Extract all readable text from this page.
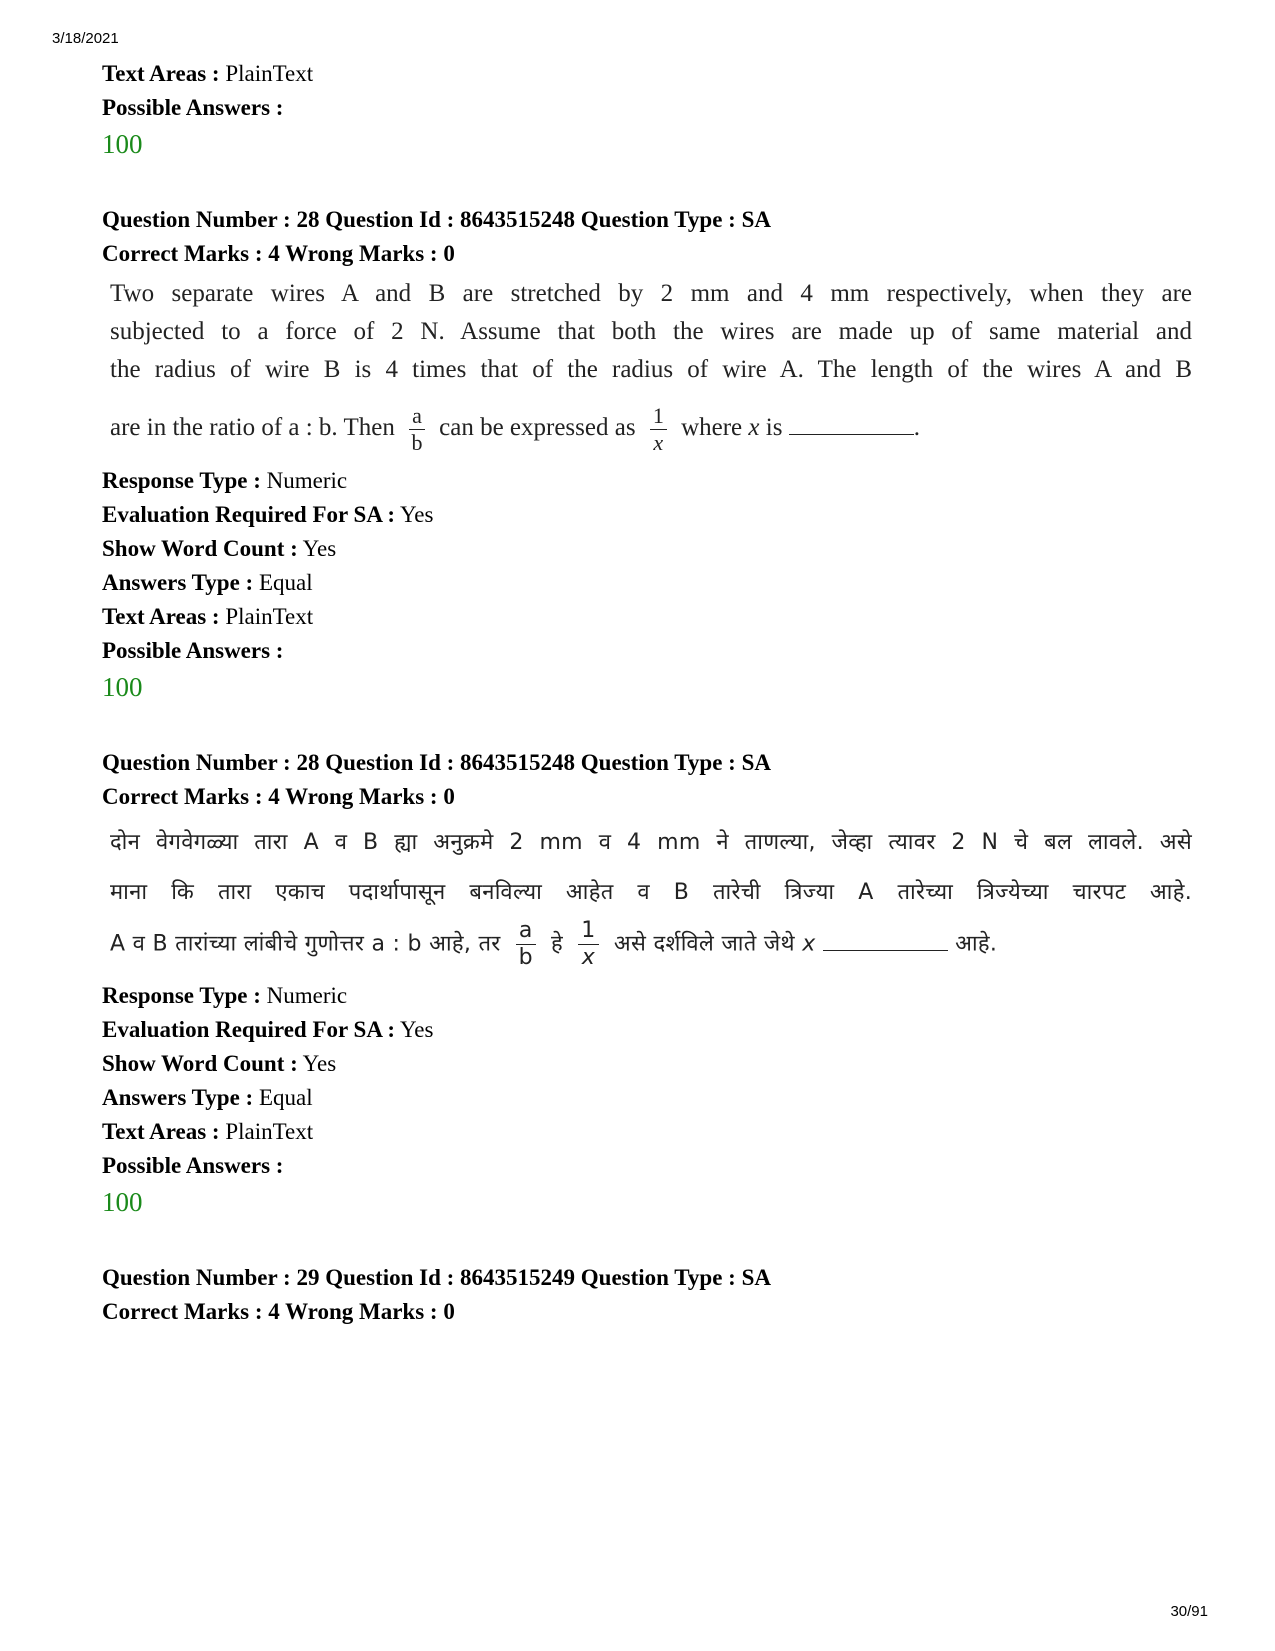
3/18/2021
Text Areas : PlainText
Possible Answers :
100
Question Number : 28 Question Id : 8643515248 Question Type : SA
Correct Marks : 4 Wrong Marks : 0

Two separate wires A and B are stretched by 2 mm and 4 mm respectively, when they are

subjected to a force of 2 N. Assume that both the wires are made up of same material and

the radius of wire B is 4 times that of the radius of wire A. The length of the wires A and B

are in the ratio of a : b. Then $\frac{a}{b}$ can be expressed as $\frac{1}{x}$ where x is	.

Response Type : Numeric
Evaluation Required For SA : Yes
Show Word Count : Yes
Answers Type : Equal
Text Areas : PlainText
Possible Answers :
100
Question Number : 28 Question Id : 8643515248 Question Type : SA
Correct Marks : 4 Wrong Marks : 0

दोन वेगवेगळ्या तारा A व B ह्या अनुक्रमे 2 mm व 4 mm ने ताणल्या, जेव्हा त्यावर 2 N चे बल लावले. असे

माना कि तारा एकाच पदार्थापासून बनविल्या आहेत व B तारेची त्रिज्या A तारेच्या त्रिज्येच्या चारपट आहे.

A व B तारांच्या लांबीचे गुणोत्तर a : b आहे, तर $\frac{a}{b}$ हे $\frac{1}{x}$ असे दर्शविले जाते जेथे x	आहे.

Response Type : Numeric
Evaluation Required For SA : Yes
Show Word Count : Yes
Answers Type : Equal
Text Areas : PlainText
Possible Answers :
100
Question Number : 29 Question Id : 8643515249 Question Type : SA
Correct Marks : 4 Wrong Marks : 0
30/91
